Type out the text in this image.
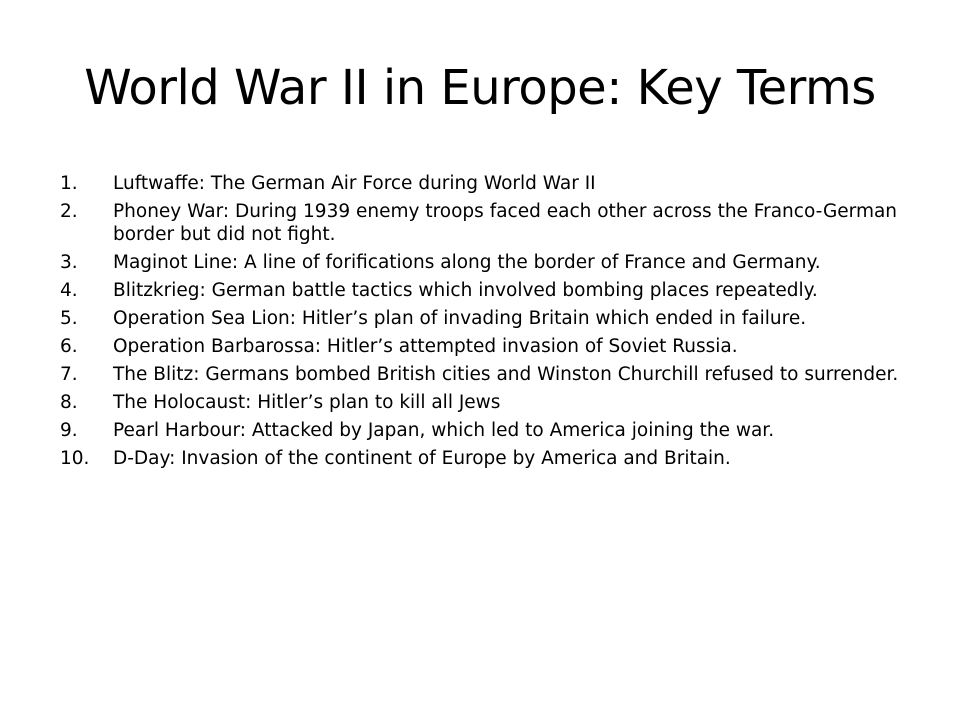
World War II in Europe: Key Terms
1.	Luftwaffe: The German Air Force during World War II
2.	Phoney War: During 1939 enemy troops faced each other across the Franco-German border but did not fight.
3.	Maginot Line: A line of forifications along the border of France and Germany.
4.	Blitzkrieg: German battle tactics which involved bombing places repeatedly.
5.	Operation Sea Lion: Hitler’s plan of invading Britain which ended in failure.
6.	Operation Barbarossa: Hitler’s attempted invasion of Soviet Russia.
7.	The Blitz: Germans bombed British cities and Winston Churchill refused to surrender.
8.	The Holocaust: Hitler’s plan to kill all Jews
9.	Pearl Harbour: Attacked by Japan, which led to America joining the war.
10.	D-Day: Invasion of the continent of Europe by America and Britain.
